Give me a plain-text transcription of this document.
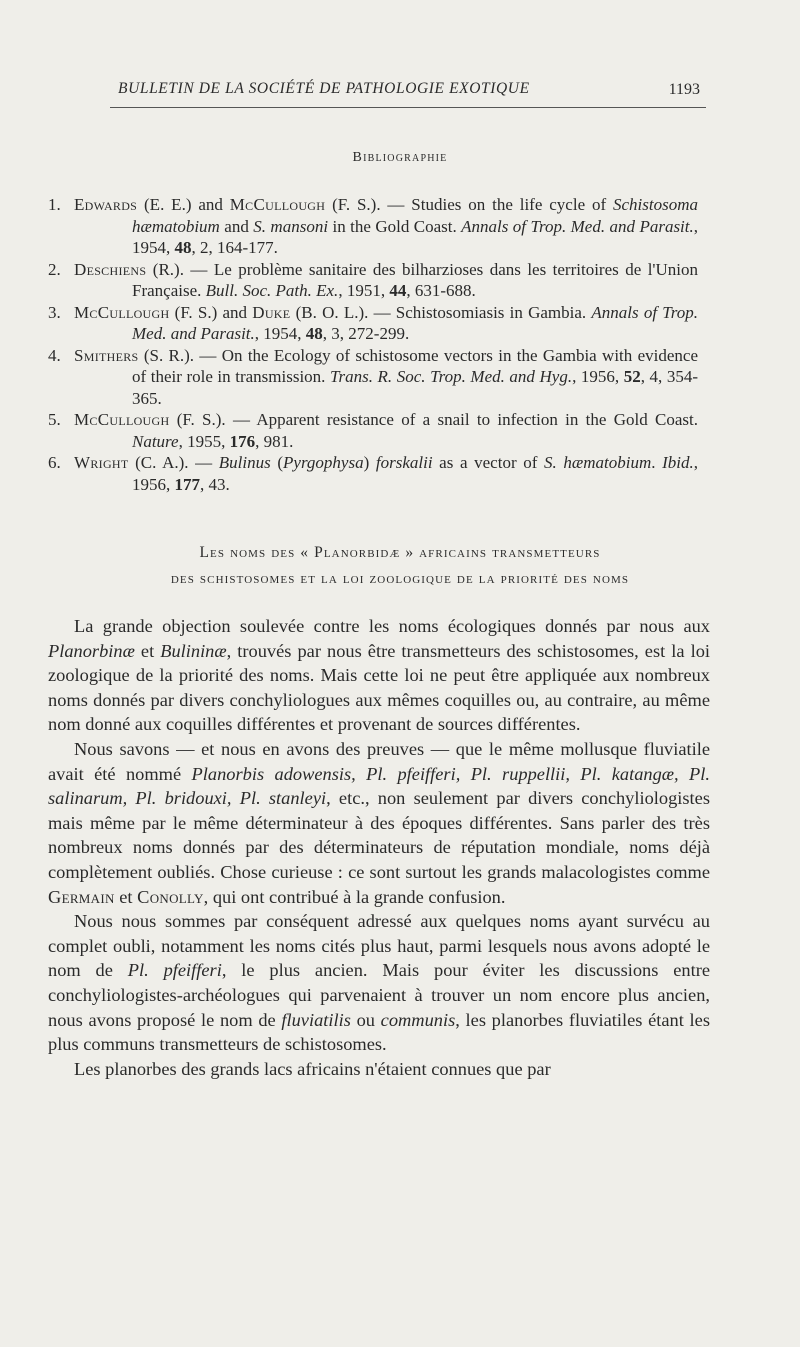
BULLETIN DE LA SOCIÉTÉ DE PATHOLOGIE EXOTIQUE	1193
Bibliographie

1. Edwards (E. E.) and McCullough (F. S.). — Studies on the life cycle of Schistosoma hæmatobium and S. mansoni in the Gold Coast. Annals of Trop. Med. and Parasit., 1954, 48, 2, 164-177.

2. Deschiens (R.). — Le problème sanitaire des bilharzioses dans les territoires de l'Union Française. Bull. Soc. Path. Ex., 1951, 44, 631-688.

3. McCullough (F. S.) and Duke (B. O. L.). — Schistosomiasis in Gambia. Annals of Trop. Med. and Parasit., 1954, 48, 3, 272-299.

4. Smithers (S. R.). — On the Ecology of schistosome vectors in the Gambia with evidence of their role in transmission. Trans. R. Soc. Trop. Med. and Hyg., 1956, 52, 4, 354-365.

5. McCullough (F. S.). — Apparent resistance of a snail to infection in the Gold Coast. Nature, 1955, 176, 981.

6. Wright (C. A.). — Bulinus (Pyrgophysa) forskalii as a vector of S. hæmatobium. Ibid., 1956, 177, 43.

Les noms des « Planorbidæ » africains transmetteurs
des schistosomes et la loi zoologique de la priorité des noms

La grande objection soulevée contre les noms écologiques donnés par nous aux Planorbinæ et Bulininæ, trouvés par nous être transmetteurs des schistosomes, est la loi zoologique de la priorité des noms. Mais cette loi ne peut être appliquée aux nombreux noms donnés par divers conchyliologues aux mêmes coquilles ou, au contraire, au même nom donné aux coquilles différentes et provenant de sources différentes.

Nous savons — et nous en avons des preuves — que le même mollusque fluviatile avait été nommé Planorbis adowensis, Pl. pfeifferi, Pl. ruppellii, Pl. katangæ, Pl. salinarum, Pl. bridouxi, Pl. stanleyi, etc., non seulement par divers conchyliologistes mais même par le même déterminateur à des époques différentes. Sans parler des très nombreux noms donnés par des déterminateurs de réputation mondiale, noms déjà complètement oubliés. Chose curieuse : ce sont surtout les grands malacologistes comme Germain et Conolly, qui ont contribué à la grande confusion.

Nous nous sommes par conséquent adressé aux quelques noms ayant survécu au complet oubli, notamment les noms cités plus haut, parmi lesquels nous avons adopté le nom de Pl. pfeifferi, le plus ancien. Mais pour éviter les discussions entre conchyliologistes-archéologues qui parvenaient à trouver un nom encore plus ancien, nous avons proposé le nom de fluviatilis ou communis, les planorbes fluviatiles étant les plus communs transmetteurs de schistosomes.

Les planorbes des grands lacs africains n'étaient connues que par
